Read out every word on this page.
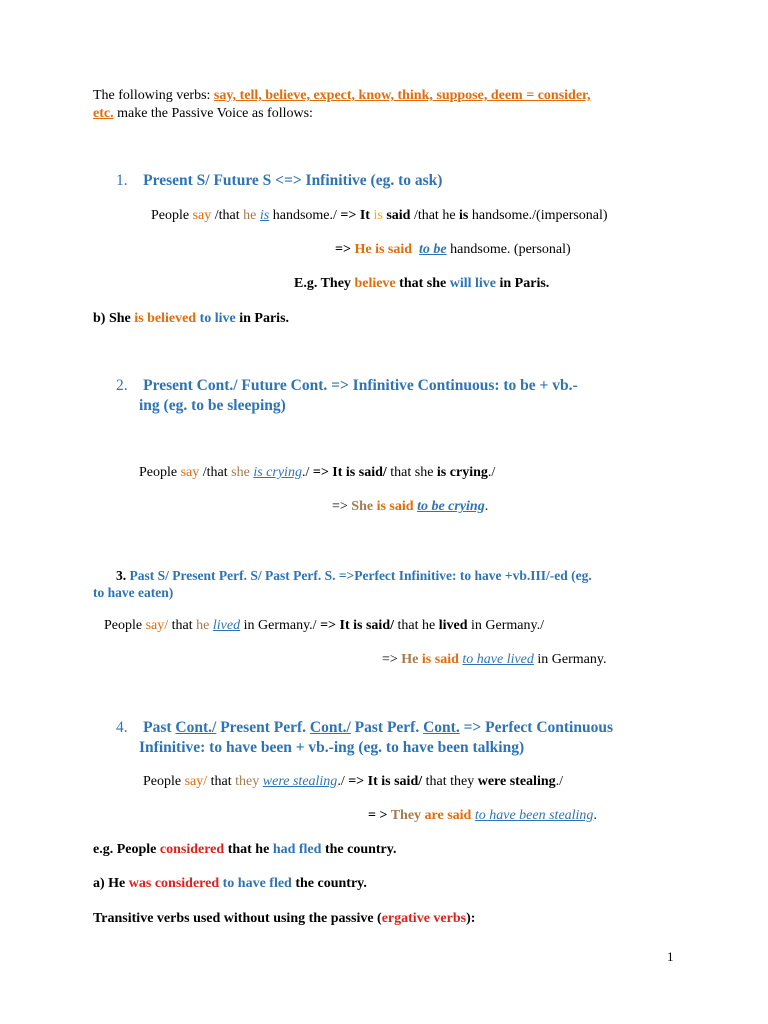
The following verbs: say, tell, believe, expect, know, think, suppose, deem = consider,
etc. make the Passive Voice as follows:
1. Present S/ Future S <=> Infinitive (eg. to ask)
People say /that he is handsome./ => It is said /that he is handsome./(impersonal)
=> He is said to be handsome. (personal)
E.g. They believe that she will live in Paris.
b) She is believed to live in Paris.
2. Present Cont./ Future Cont. => Infinitive Continuous: to be + vb.-
ing (eg. to be sleeping)
People say /that she is crying./ => It is said/ that she is crying./
=> She is said to be crying.
3. Past S/ Present Perf. S/ Past Perf. S. =>Perfect Infinitive: to have +vb.III/-ed (eg.
to have eaten)
People say/ that he lived in Germany./ => It is said/ that he lived in Germany./
=> He is said to have lived in Germany.
4. Past Cont./ Present Perf. Cont./ Past Perf. Cont. => Perfect Continuous
Infinitive: to have been + vb.-ing (eg. to have been talking)
People say/ that they were stealing./ => It is said/ that they were stealing./
= > They are said to have been stealing.
e.g. People considered that he had fled the country.
a) He was considered to have fled the country.
Transitive verbs used without using the passive (ergative verbs):
1
